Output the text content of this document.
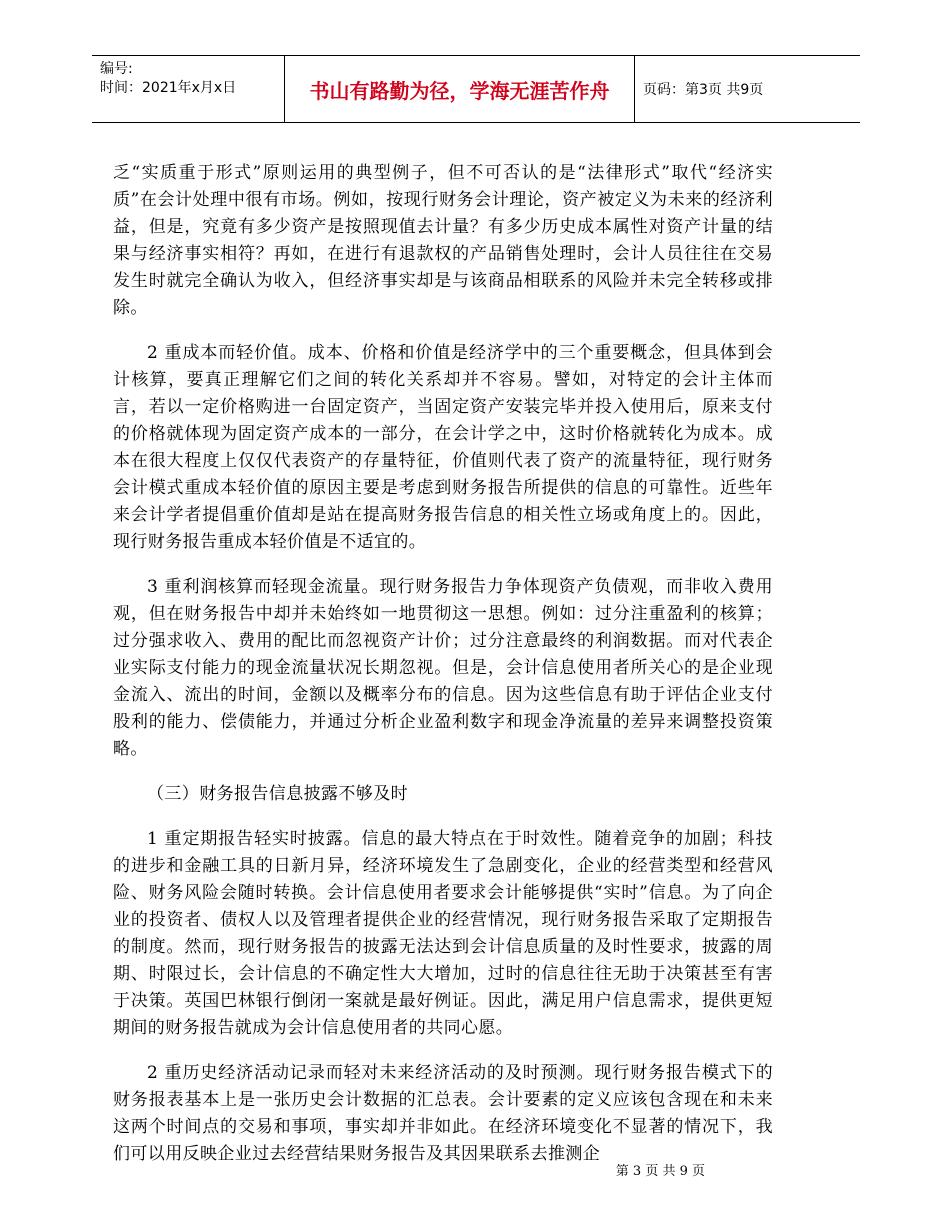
编号:
时间：2021年x月x日	书山有路勤为径，学海无涯苦作舟	页码：第3页 共9页

乏“实质重于形式”原则运用的典型例子，但不可否认的是“法律形式”取代“经济实质”在会计处理中很有市场。例如，按现行财务会计理论，资产被定义为未来的经济利益，但是，究竟有多少资产是按照现值去计量？有多少历史成本属性对资产计量的结果与经济事实相符？再如，在进行有退款权的产品销售处理时，会计人员往往在交易发生时就完全确认为收入，但经济事实却是与该商品相联系的风险并未完全转移或排除。

2 重成本而轻价值。成本、价格和价值是经济学中的三个重要概念，但具体到会计核算，要真正理解它们之间的转化关系却并不容易。譬如，对特定的会计主体而言，若以一定价格购进一台固定资产，当固定资产安装完毕并投入使用后，原来支付的价格就体现为固定资产成本的一部分，在会计学之中，这时价格就转化为成本。成本在很大程度上仅仅代表资产的存量特征，价值则代表了资产的流量特征，现行财务会计模式重成本轻价值的原因主要是考虑到财务报告所提供的信息的可靠性。近些年来会计学者提倡重价值却是站在提高财务报告信息的相关性立场或角度上的。因此，现行财务报告重成本轻价值是不适宜的。

3 重利润核算而轻现金流量。现行财务报告力争体现资产负债观，而非收入费用观，但在财务报告中却并未始终如一地贯彻这一思想。例如：过分注重盈利的核算；过分强求收入、费用的配比而忽视资产计价；过分注意最终的利润数据。而对代表企业实际支付能力的现金流量状况长期忽视。但是，会计信息使用者所关心的是企业现金流入、流出的时间，金额以及概率分布的信息。因为这些信息有助于评估企业支付股利的能力、偿债能力，并通过分析企业盈利数字和现金净流量的差异来调整投资策略。

（三）财务报告信息披露不够及时

1 重定期报告轻实时披露。信息的最大特点在于时效性。随着竞争的加剧；科技的进步和金融工具的日新月异，经济环境发生了急剧变化，企业的经营类型和经营风险、财务风险会随时转换。会计信息使用者要求会计能够提供“实时”信息。为了向企业的投资者、债权人以及管理者提供企业的经营情况，现行财务报告采取了定期报告的制度。然而，现行财务报告的披露无法达到会计信息质量的及时性要求，披露的周期、时限过长，会计信息的不确定性大大增加，过时的信息往往无助于决策甚至有害于决策。英国巴林银行倒闭一案就是最好例证。因此，满足用户信息需求，提供更短期间的财务报告就成为会计信息使用者的共同心愿。

2 重历史经济活动记录而轻对未来经济活动的及时预测。现行财务报告模式下的财务报表基本上是一张历史会计数据的汇总表。会计要素的定义应该包含现在和未来这两个时间点的交易和事项，事实却并非如此。在经济环境变化不显著的情况下，我们可以用反映企业过去经营结果财务报告及其因果联系去推测企

第 3 页 共 9 页
